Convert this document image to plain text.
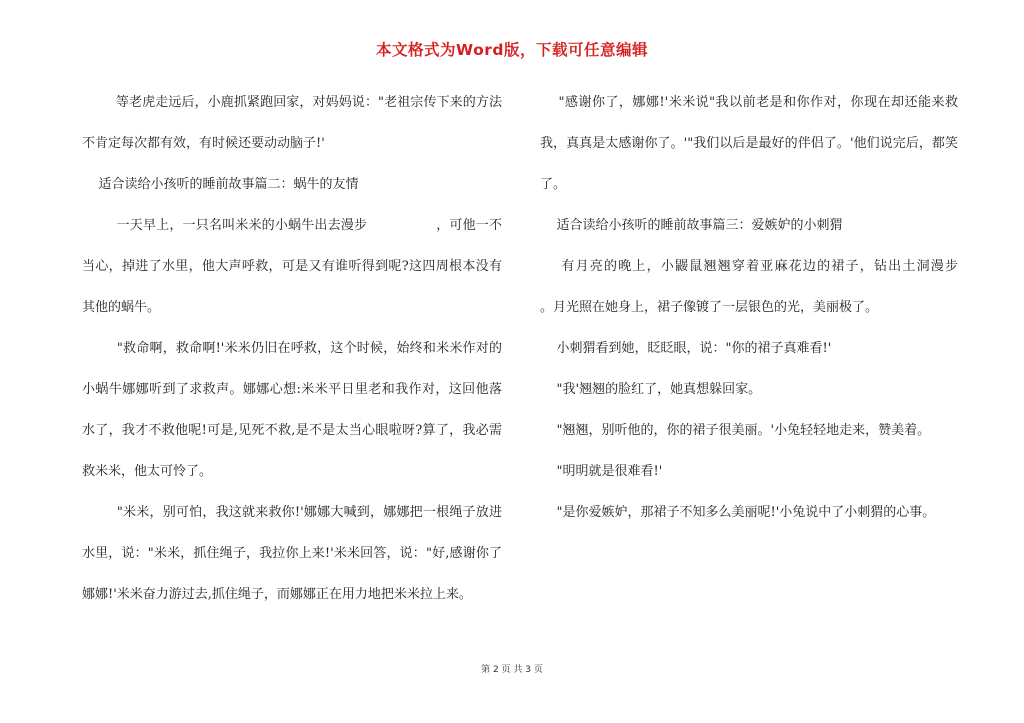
本文格式为Word版，下载可任意编辑

等老虎走远后，小鹿抓紧跑回家，对妈妈说："老祖宗传下来的方法不肯定每次都有效，有时候还要动动脑子!'

适合读给小孩听的睡前故事篇二：蜗牛的友情

一天早上，一只名叫米米的小蜗牛出去漫步                ，可他一不当心，掉进了水里，他大声呼救，可是又有谁听得到呢?这四周根本没有其他的蜗牛。

"救命啊，救命啊!'米米仍旧在呼救，这个时候，始终和米米作对的小蜗牛娜娜听到了求救声。娜娜心想:米米平日里老和我作对，这回他落水了，我才不救他呢!可是,见死不救,是不是太当心眼啦呀?算了，我必需救米米，他太可怜了。

"米米，别可怕，我这就来救你!'娜娜大喊到，娜娜把一根绳子放进水里，说："米米，抓住绳子，我拉你上来!'米米回答，说："好,感谢你了娜娜!'米米奋力游过去,抓住绳子，而娜娜正在用力地把米米拉上来。

"感谢你了，娜娜!'米米说"我以前老是和你作对，你现在却还能来救我，真真是太感谢你了。'"我们以后是最好的伴侣了。'他们说完后，都笑了。

适合读给小孩听的睡前故事篇三：爱嫉妒的小刺猬

有月亮的晚上，小鼹鼠翘翘穿着亚麻花边的裙子，钻出土洞漫步              。月光照在她身上，裙子像镀了一层银色的光，美丽极了。

小刺猬看到她，眨眨眼，说："你的裙子真难看!'

"我'翘翘的脸红了，她真想躲回家。

"翘翘，别听他的，你的裙子很美丽。'小兔轻轻地走来，赞美着。

"明明就是很难看!'

"是你爱嫉妒，那裙子不知多么美丽呢!'小兔说中了小刺猬的心事。

第 2 页 共 3 页
